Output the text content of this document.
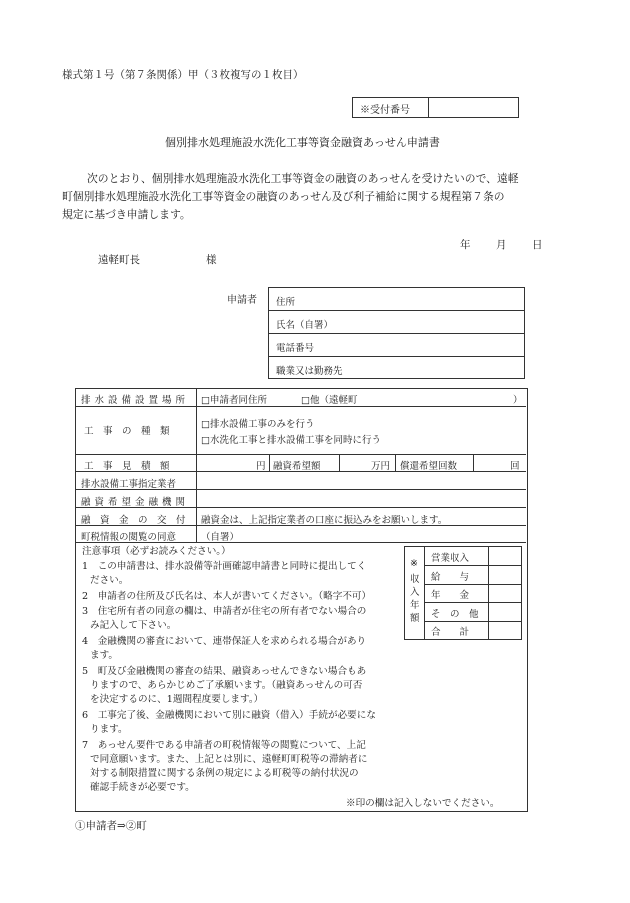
様式第１号（第７条関係）甲（３枚複写の１枚目）
※受付番号
個別排水処理施設水洗化工事等資金融資あっせん申請書
次のとおり、個別排水処理施設水洗化工事等資金の融資のあっせんを受けたいので、遠軽
町個別排水処理施設水洗化工事等資金の融資のあっせん及び利子補給に関する規程第７条の
規定に基づき申請します。
年 月 日
遠軽町長	様
申請者 住所
氏名（自署）
電話番号
職業又は勤務先
排水設備設置場所 □申請者同住所	□他（遠軽町	）
工　事　の　種　類
□排水設備工事のみを行う
□水洗化工事と排水設備工事を同時に行う
工　事　見　積　額	円 融資希望額	万円 償還希望回数	回
排水設備工事指定業者
融資希望金融機関
融　資　金　の　交　付 融資金は、上記指定業者の口座に振込みをお願いします。
町税情報の閲覧の同意	（自署）
注意事項（必ずお読みください。）
1　この申請書は、排水設備等計画確認申請書と同時に提出してく
ださい。
2　申請者の住所及び氏名は、本人が書いてください。（略字不可）
3　住宅所有者の同意の欄は、申請者が住宅の所有者でない場合の
み記入して下さい。
4　金融機関の審査において、連帯保証人を求められる場合があり
ます。
5　町及び金融機関の審査の結果、融資あっせんできない場合もあ
りますので、あらかじめご了承願います。（融資あっせんの可否
を決定するのに、1週間程度要します。）
6　工事完了後、金融機関において別に融資（借入）手続が必要にな
ります。
7　あっせん要件である申請者の町税情報等の閲覧について、上記
で同意願います。また、上記とは別に、遠軽町町税等の滞納者に
対する制限措置に関する条例の規定による町税等の納付状況の
確認手続きが必要です。
※印の欄は記入しないでください。
※
収
入
年
額
営業収入
給　　与
年　　金
そ　の　他
合　　計
①申請者⇒②町
